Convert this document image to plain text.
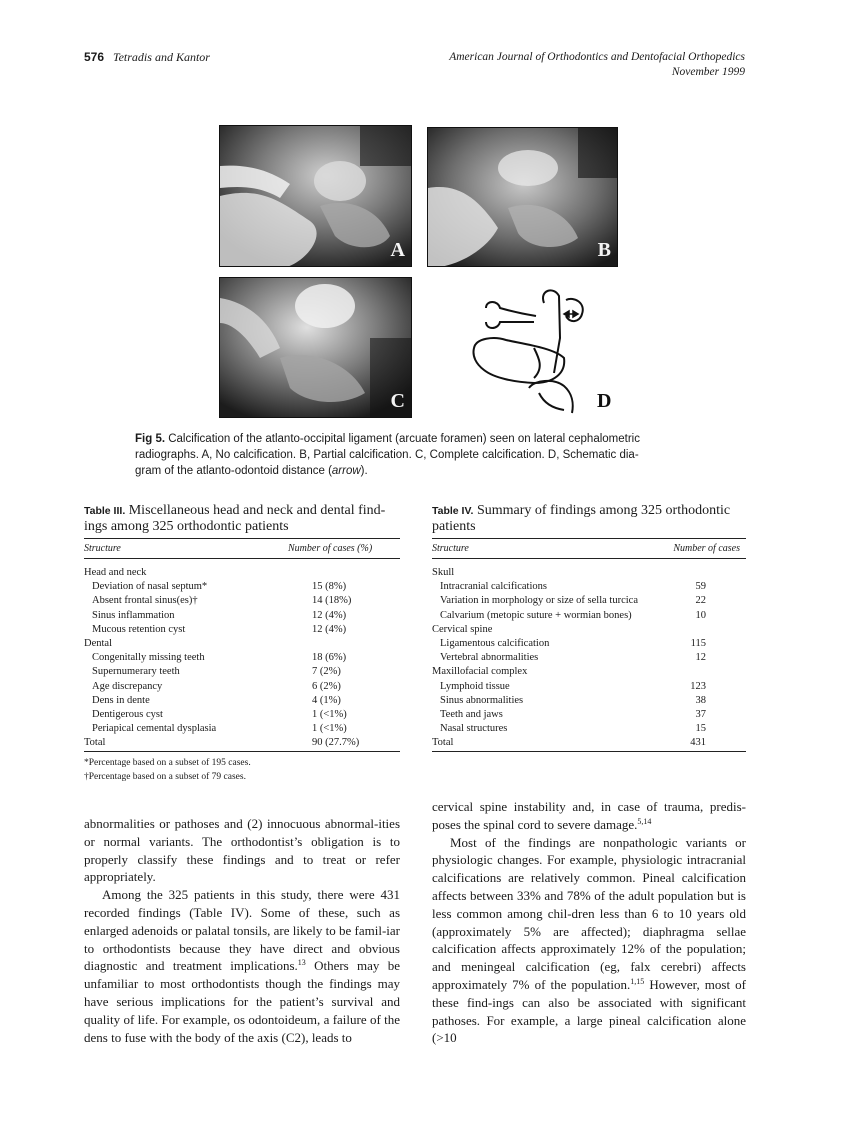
576 Tetradis and Kantor	American Journal of Orthodontics and Dentofacial Orthopedics
November 1999
A	B
C	D
Fig 5. Calcification of the atlanto-occipital ligament (arcuate foramen) seen on lateral cephalometric
radiographs. A, No calcification. B, Partial calcification. C, Complete calcification. D, Schematic dia-
gram of the atlanto-odontoid distance (arrow).
Table III. Miscellaneous head and neck and dental find-
ings among 325 orthodontic patients
Structure	Number of cases (%)
Head and neck
Deviation of nasal septum*	15 (8%)
Absent frontal sinus(es)†	14 (18%)
Sinus inflammation	12 (4%)
Mucous retention cyst	12 (4%)
Dental
Congenitally missing teeth	18 (6%)
Supernumerary teeth	7 (2%)
Age discrepancy	6 (2%)
Dens in dente	4 (1%)
Dentigerous cyst	1 (<1%)
Periapical cemental dysplasia	1 (<1%)
Total	90 (27.7%)
*Percentage based on a subset of 195 cases.
†Percentage based on a subset of 79 cases.
Table IV. Summary of findings among 325 orthodontic
patients
Structure	Number of cases
Skull
Intracranial calcifications	59
Variation in morphology or size of sella turcica	22
Calvarium (metopic suture + wormian bones)	10
Cervical spine
Ligamentous calcification	115
Vertebral abnormalities	12
Maxillofacial complex
Lymphoid tissue	123
Sinus abnormalities	38
Teeth and jaws	37
Nasal structures	15
Total	431

abnormalities or pathoses and (2) innocuous abnormal-ities or normal variants. The orthodontist’s obligation is to properly classify these findings and to treat or refer appropriately.

Among the 325 patients in this study, there were 431 recorded findings (Table IV). Some of these, such as enlarged adenoids or palatal tonsils, are likely to be famil-iar to orthodontists because they have direct and obvious diagnostic and treatment implications.$^{13}$ Others may be unfamiliar to most orthodontists though the findings may have serious implications for the patient’s survival and quality of life. For example, os odontoideum, a failure of the dens to fuse with the body of the axis (C2), leads to

cervical spine instability and, in case of trauma, predis-poses the spinal cord to severe damage.$^{5,14}$

Most of the findings are nonpathologic variants or physiologic changes. For example, physiologic intracranial calcifications are relatively common. Pineal calcification affects between 33% and 78% of the adult population but is less common among chil-dren less than 6 to 10 years old (approximately 5% are affected); diaphragma sellae calcification affects approximately 12% of the population; and meningeal calcification (eg, falx cerebri) affects approximately 7% of the population.$^{1,15}$ However, most of these find-ings can also be associated with significant pathoses. For example, a large pineal calcification alone (>10
